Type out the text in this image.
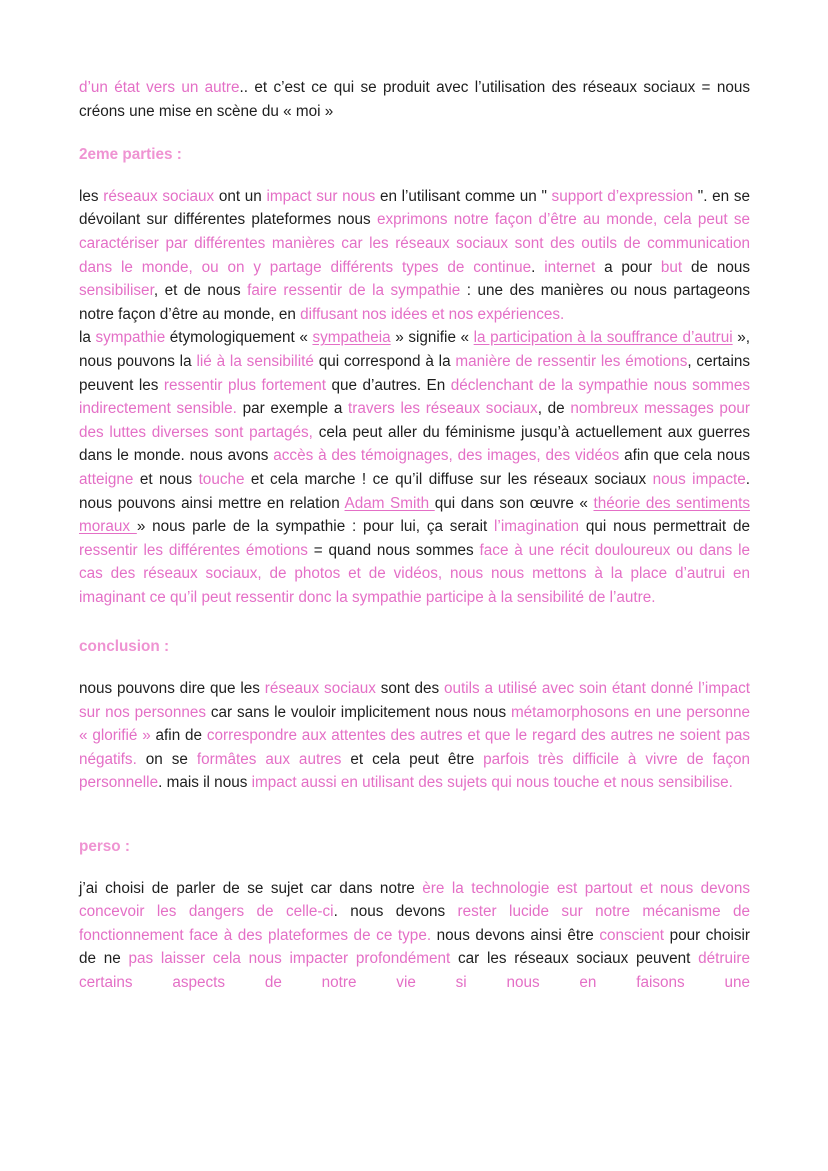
d’un état vers un autre.. et c’est ce qui se produit avec l’utilisation des réseaux sociaux = nous créons une mise en scène du « moi »

2eme parties :

les réseaux sociaux ont un impact sur nous en l’utilisant comme un " support d’expression ". en se dévoilant sur différentes plateformes nous exprimons notre façon d’être au monde, cela peut se caractériser par différentes manières car les réseaux sociaux sont des outils de communication dans le monde, ou on y partage différents types de continue. internet a pour but de nous sensibiliser, et de nous faire ressentir de la sympathie : une des manières ou nous partageons notre façon d’être au monde, en diffusant nos idées et nos expériences.

la sympathie étymologiquement « sympatheia » signifie « la participation à la souffrance d’autrui », nous pouvons la lié à la sensibilité qui correspond à la manière de ressentir les émotions, certains peuvent les ressentir plus fortement que d’autres. En déclenchant de la sympathie nous sommes indirectement sensible. par exemple a travers les réseaux sociaux, de nombreux messages pour des luttes diverses sont partagés, cela peut aller du féminisme jusqu’à actuellement aux guerres dans le monde. nous avons accès à des témoignages, des images, des vidéos afin que cela nous atteigne et nous touche et cela marche ! ce qu’il diffuse sur les réseaux sociaux nous impacte. nous pouvons ainsi mettre en relation Adam Smith qui dans son œuvre « théorie des sentiments moraux » nous parle de la sympathie : pour lui, ça serait l’imagination qui nous permettrait de ressentir les différentes émotions = quand nous sommes face à une récit douloureux ou dans le cas des réseaux sociaux, de photos et de vidéos, nous nous mettons à la place d’autrui en imaginant ce qu’il peut ressentir donc la sympathie participe à la sensibilité de l’autre.

conclusion :

nous pouvons dire que les réseaux sociaux sont des outils a utilisé avec soin étant donné l’impact sur nos personnes car sans le vouloir implicitement nous nous métamorphosons en une personne « glorifié » afin de correspondre aux attentes des autres et que le regard des autres ne soient pas négatifs. on se formâtes aux autres et cela peut être parfois très difficile à vivre de façon personnelle. mais il nous impact aussi en utilisant des sujets qui nous touche et nous sensibilise.

perso :

j’ai choisi de parler de se sujet car dans notre ère la technologie est partout et nous devons concevoir les dangers de celle-ci. nous devons rester lucide sur notre mécanisme de fonctionnement face à des plateformes de ce type. nous devons ainsi être conscient pour choisir de ne pas laisser cela nous impacter profondément car les réseaux sociaux peuvent détruire certains aspects de notre vie si nous en faisons une
